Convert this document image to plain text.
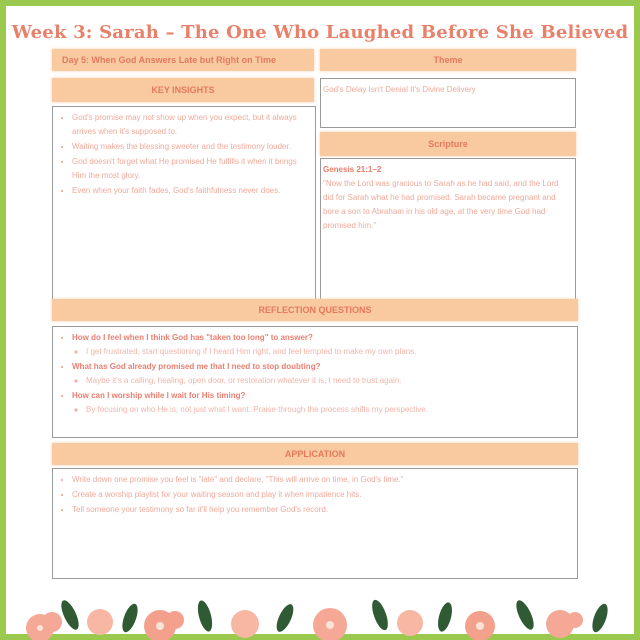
Week 3: Sarah – The One Who Laughed Before She Believed
Day 5: When God Answers Late but Right on Time
KEY INSIGHTS
• God's promise may not show up when you expect, but it always arrives when it's supposed to.
• Waiting makes the blessing sweeter and the testimony louder.
• God doesn't forget what He promised He fulfills it when it brings Him the most glory.
• Even when your faith fades, God's faithfulness never does.
Theme
God's Delay Isn't Denial It's Divine Delivery
Scripture
Genesis 21:1–2
"Now the Lord was gracious to Sarah as he had said, and the Lord did for Sarah what he had promised. Sarah became pregnant and bore a son to Abraham in his old age, at the very time God had promised him."
REFLECTION QUESTIONS
• How do I feel when I think God has "taken too long" to answer?
◦ I get frustrated, start questioning if I heard Him right, and feel tempted to make my own plans.
• What has God already promised me that I need to stop doubting?
◦ Maybe it's a calling, healing, open door, or restoration whatever it is, I need to trust again.
• How can I worship while I wait for His timing?
◦ By focusing on who He is, not just what I want. Praise through the process shifts my perspective.
APPLICATION
• Write down one promise you feel is "late" and declare, "This will arrive on time, in God's time."
• Create a worship playlist for your waiting season and play it when impatience hits.
• Tell someone your testimony so far it'll help you remember God's record.
